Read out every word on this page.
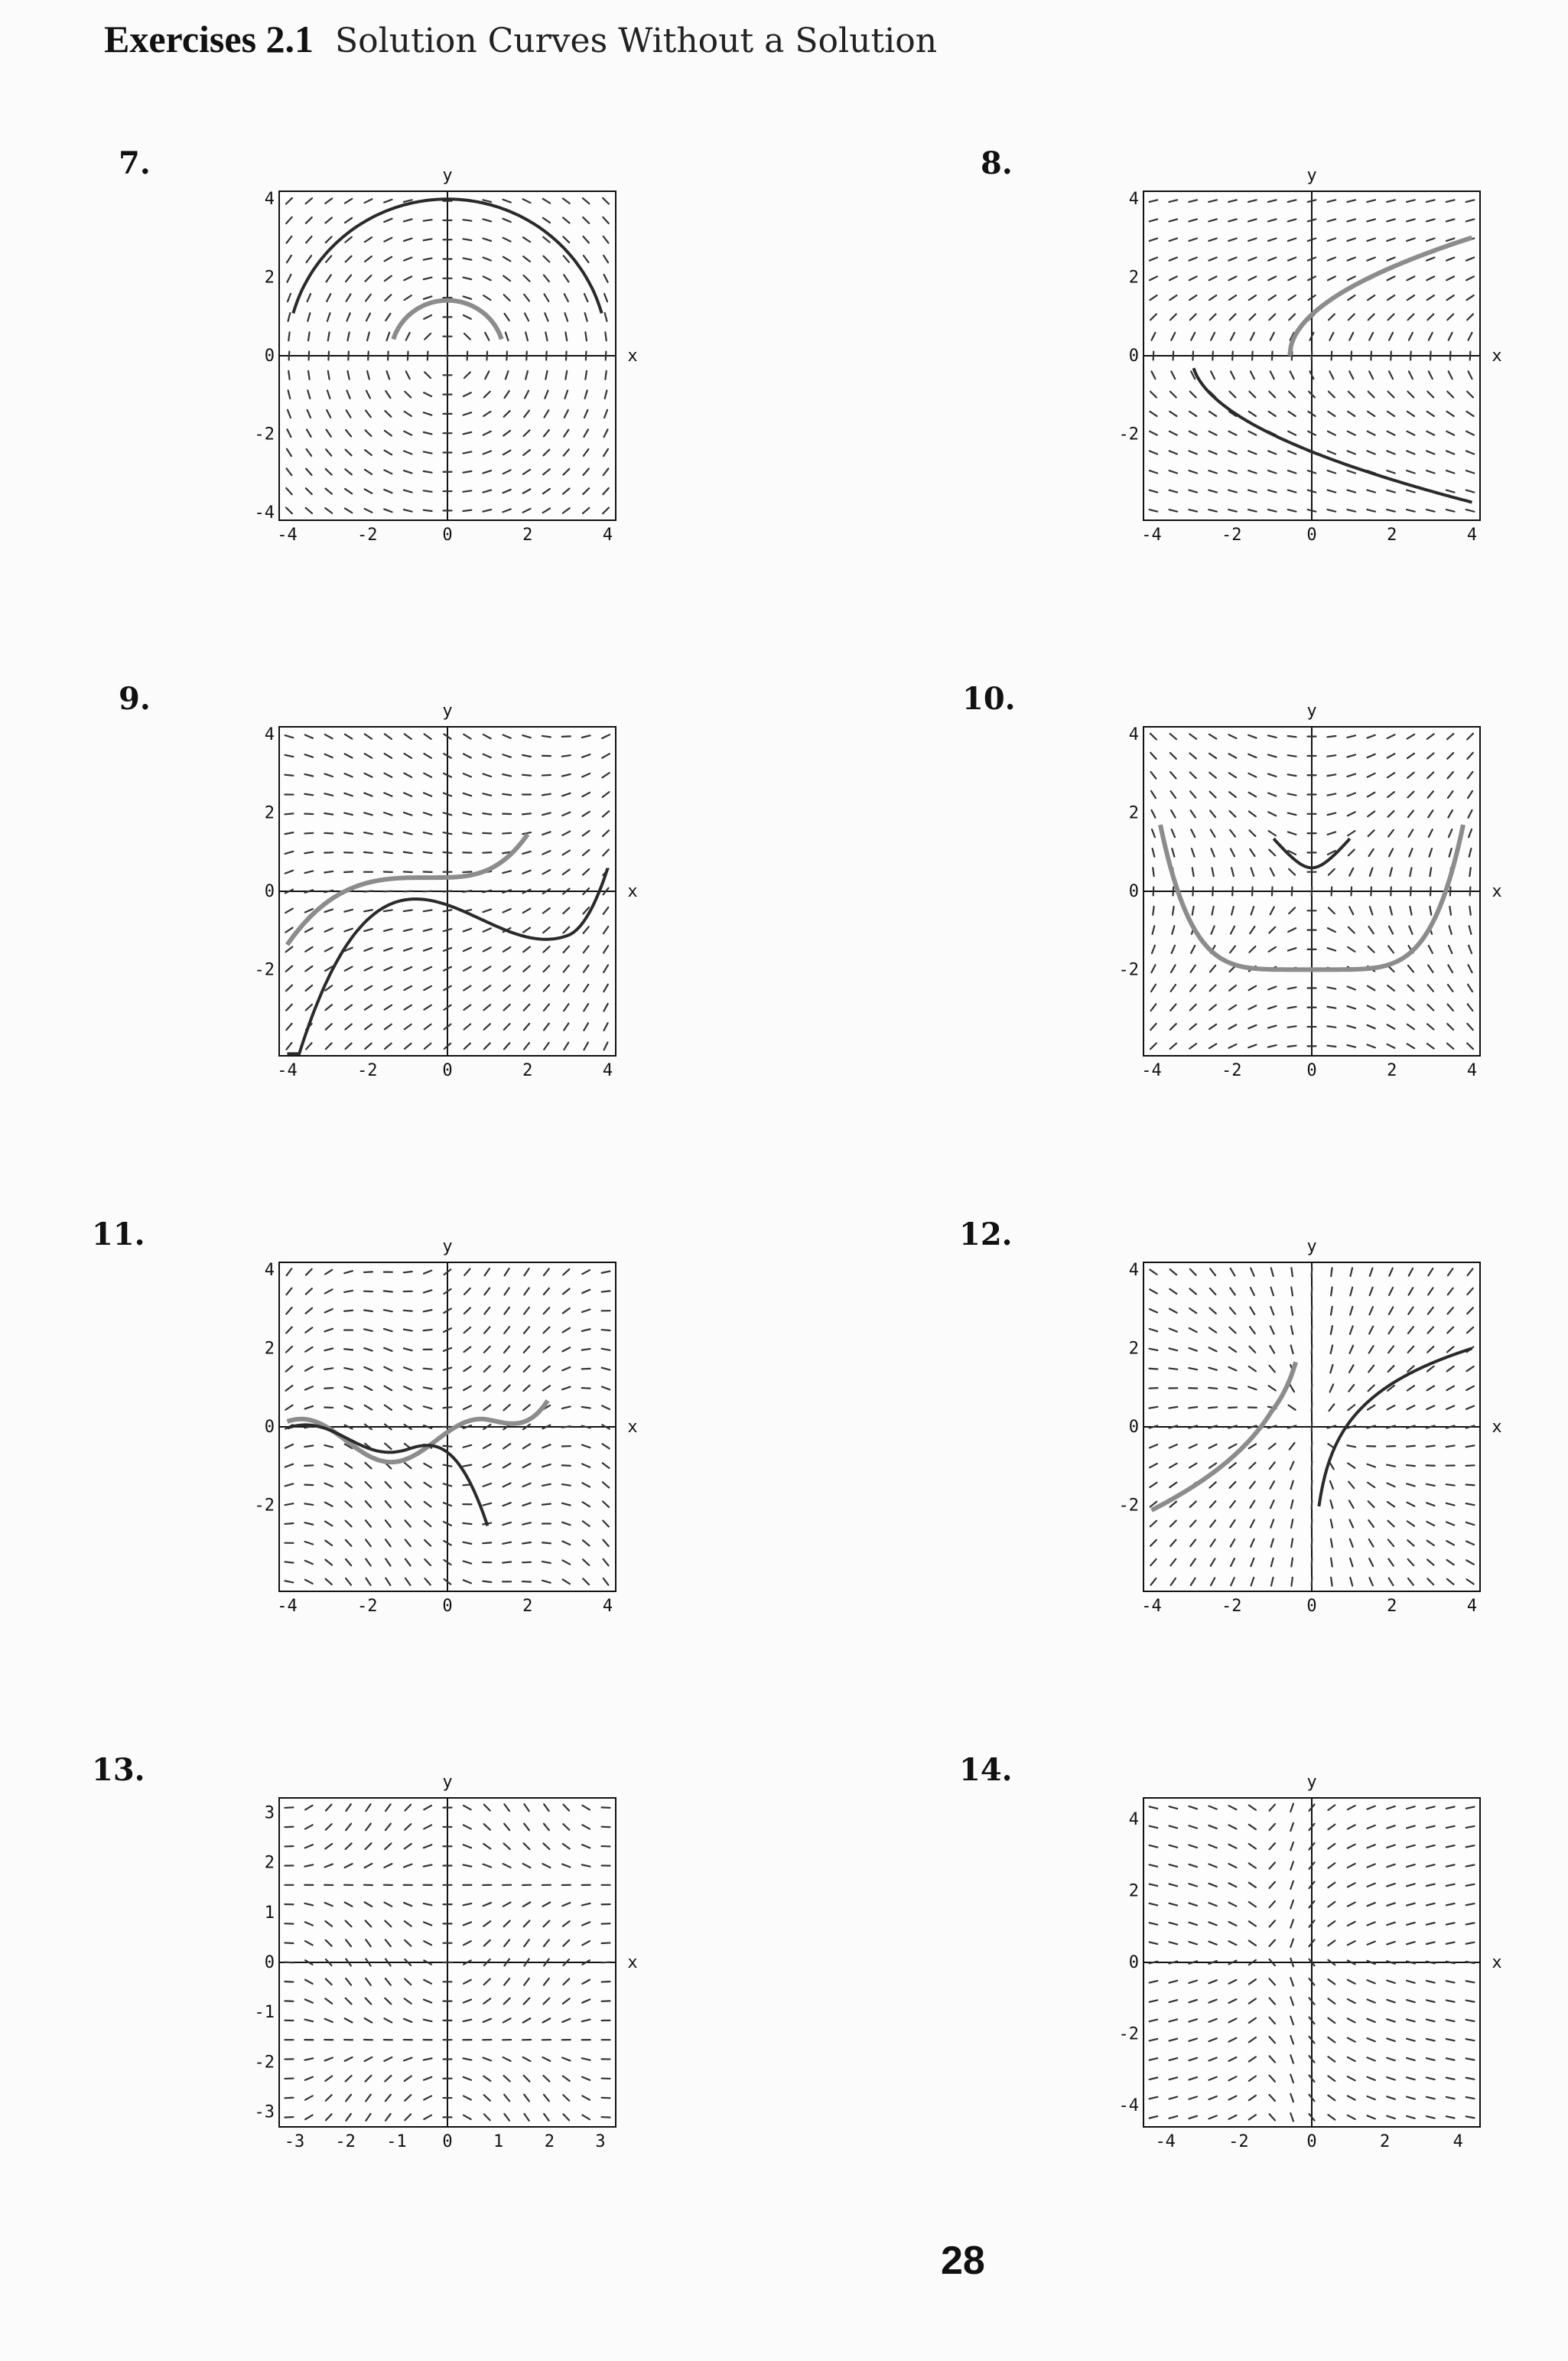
Exercises 2.1 Solution Curves Without a Solution
7.	8.
9.	10.
11.	12.
13.	14.
-4	-2	0	2	4
4
2
0
-2
-4
x
y
-4	-2	0	2	4
4
2
0
-2
x
y
-4	-2	0	2	4
4
2
0
-2
x
y
-4	-2	0	2	4
4
2
0
-2
x
y
-4	-2	0	2	4
4
2
0
-2
x
y
-4	-2	0	2	4
4
2
0
-2
x
y
-3 -2 -1 0 1 2 3
3
2
1
0
-1
-2
-3
x
y
-4	-2	0	2	4
4
2
0
-2
-4
x
y
28
